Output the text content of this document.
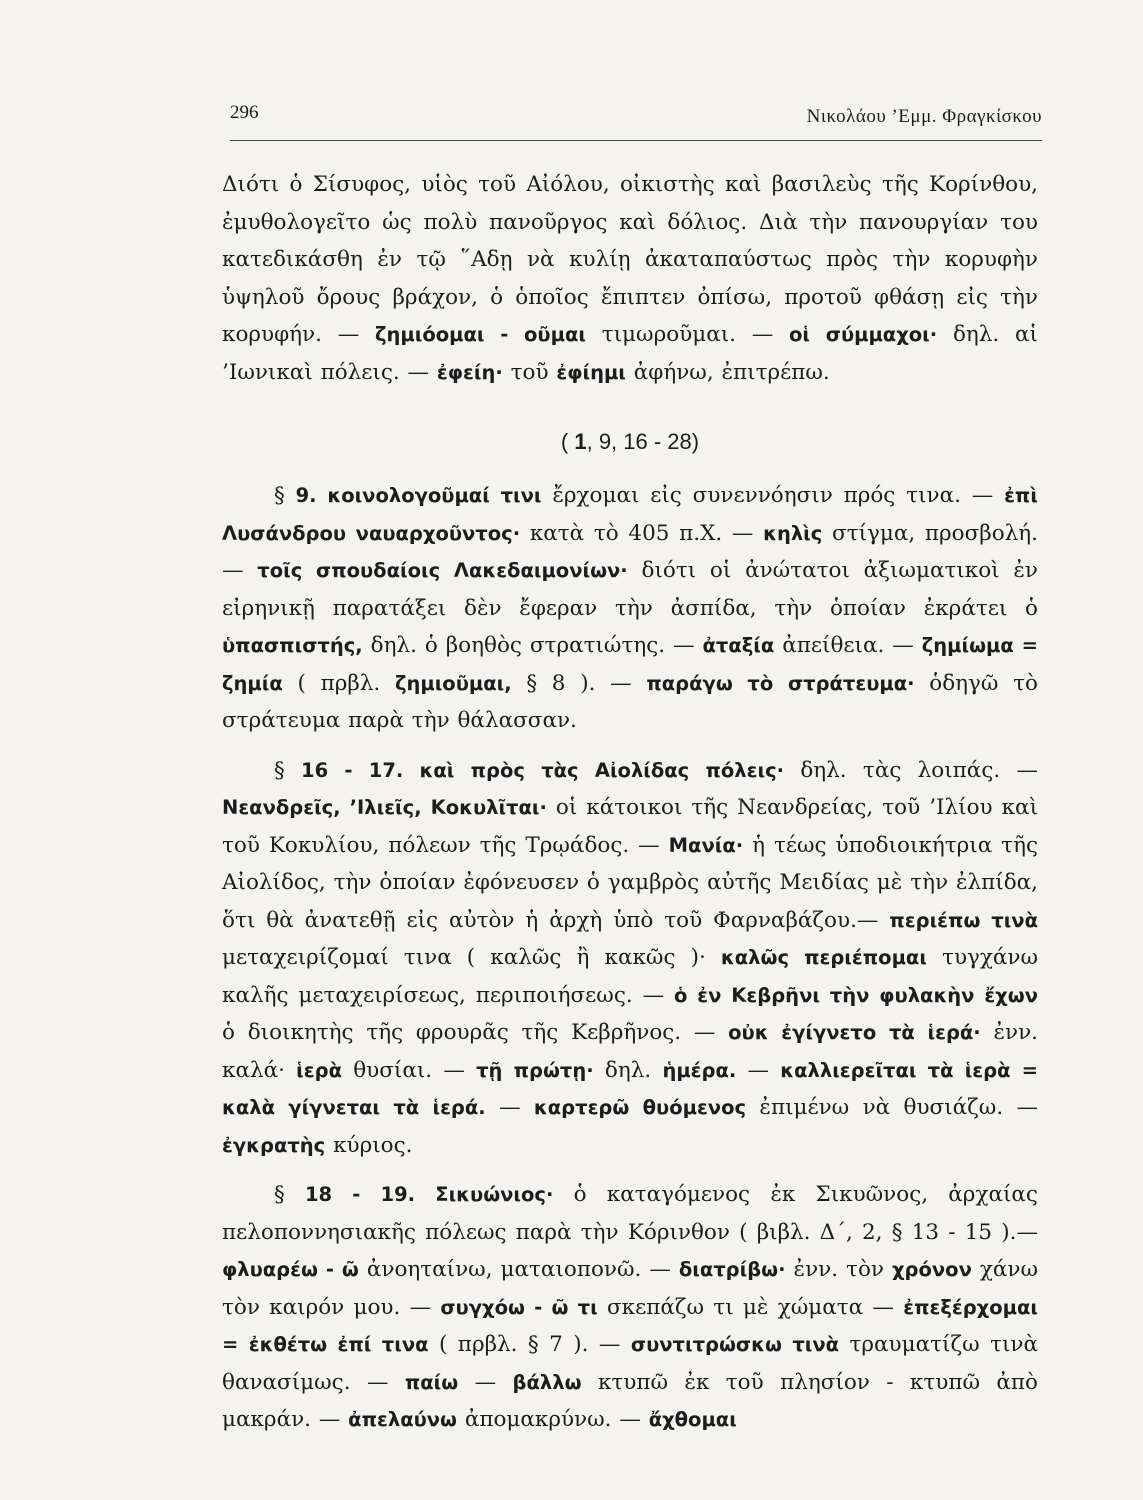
296	Νικολάου ’Εμμ. Φραγκίσκου

Διότι ὁ Σίσυφος, υἱὸς τοῦ Αἰόλου, οἰκιστὴς καὶ βασιλεὺς τῆς Κορίνθου, ἐμυθολογεῖτο ὡς πολὺ πανοῦργος καὶ δόλιος. Διὰ τὴν πανουργίαν του κατεδικάσθη ἐν τῷ ῞Αδῃ νὰ κυλίῃ ἀκαταπαύστως πρὸς τὴν κορυφὴν ὑψηλοῦ ὄρους βράχον, ὁ ὁποῖος ἔπιπτεν ὀπίσω, προτοῦ φθάσῃ εἰς τὴν κορυφήν. — ζημιόομαι - οῦμαι τιμωροῦμαι. — οἱ σύμμαχοι· δηλ. αἱ ’Ιωνικαὶ πόλεις. — ἐφείη· τοῦ ἐφίημι ἀφήνω, ἐπιτρέπω.

( 1, 9, 16 - 28)

§ 9. κοινολογοῦμαί τινι ἔρχομαι εἰς συνεννόησιν πρός τινα. — ἐπὶ Λυσάνδρου ναυαρχοῦντος· κατὰ τὸ 405 π.Χ. — κηλὶς στίγμα, προσβολή. — τοῖς σπουδαίοις Λακεδαιμονίων· διότι οἱ ἀνώτατοι ἀξιωματικοὶ ἐν εἰρηνικῇ παρατάξει δὲν ἔφεραν τὴν ἀσπίδα, τὴν ὁποίαν ἐκράτει ὁ ὑπασπιστής, δηλ. ὁ βοηθὸς στρατιώτης. — ἀταξία ἀπείθεια. — ζημίωμα = ζημία ( πρβλ. ζημιοῦμαι, § 8 ). — παράγω τὸ στράτευμα· ὁδηγῶ τὸ στράτευμα παρὰ τὴν θάλασσαν.

§ 16 - 17. καὶ πρὸς τὰς Αἰολίδας πόλεις· δηλ. τὰς λοιπάς. — Νεανδρεῖς, ’Ιλιεῖς, Κοκυλῖται· οἱ κάτοικοι τῆς Νεανδρείας, τοῦ ’Ιλίου καὶ τοῦ Κοκυλίου, πόλεων τῆς Τρῳάδος. — Μανία· ἡ τέως ὑποδιοικήτρια τῆς Αἰολίδος, τὴν ὁποίαν ἐφόνευσεν ὁ γαμβρὸς αὐτῆς Μειδίας μὲ τὴν ἐλπίδα, ὅτι θὰ ἀνατεθῇ εἰς αὐτὸν ἡ ἀρχὴ ὑπὸ τοῦ Φαρναβάζου.— περιέπω τινὰ μεταχειρίζομαί τινα ( καλῶς ἢ κακῶς )· καλῶς περιέπομαι τυγχάνω καλῆς μεταχειρίσεως, περιποιήσεως. — ὁ ἐν Κεβρῆνι τὴν φυλακὴν ἔχων ὁ διοικητὴς τῆς φρουρᾶς τῆς Κεβρῆνος. — οὐκ ἐγίγνετο τὰ ἱερά· ἐνν. καλά· ἱερὰ θυσίαι. — τῇ πρώτῃ· δηλ. ἡμέρα. — καλλιερεῖται τὰ ἱερὰ = καλὰ γίγνεται τὰ ἱερά. — καρτερῶ θυόμενος ἐπιμένω νὰ θυσιάζω. — ἐγκρατὴς κύριος.

§ 18 - 19. Σικυώνιος· ὁ καταγόμενος ἐκ Σικυῶνος, ἀρχαίας πελοποννησιακῆς πόλεως παρὰ τὴν Κόρινθον ( βιβλ. Δ΄, 2, § 13 - 15 ).— φλυαρέω - ῶ ἀνοηταίνω, ματαιοπονῶ. — διατρίβω· ἐνν. τὸν χρόνον χάνω τὸν καιρόν μου. — συγχόω - ῶ τι σκεπάζω τι μὲ χώματα — ἐπεξέρχομαι = ἐκθέτω ἐπί τινα ( πρβλ. § 7 ). — συντιτρώσκω τινὰ τραυματίζω τινὰ θανασίμως. — παίω — βάλλω κτυπῶ ἐκ τοῦ πλησίον - κτυπῶ ἀπὸ μακράν. — ἀπελαύνω ἀπομακρύνω. — ἄχθομαι
